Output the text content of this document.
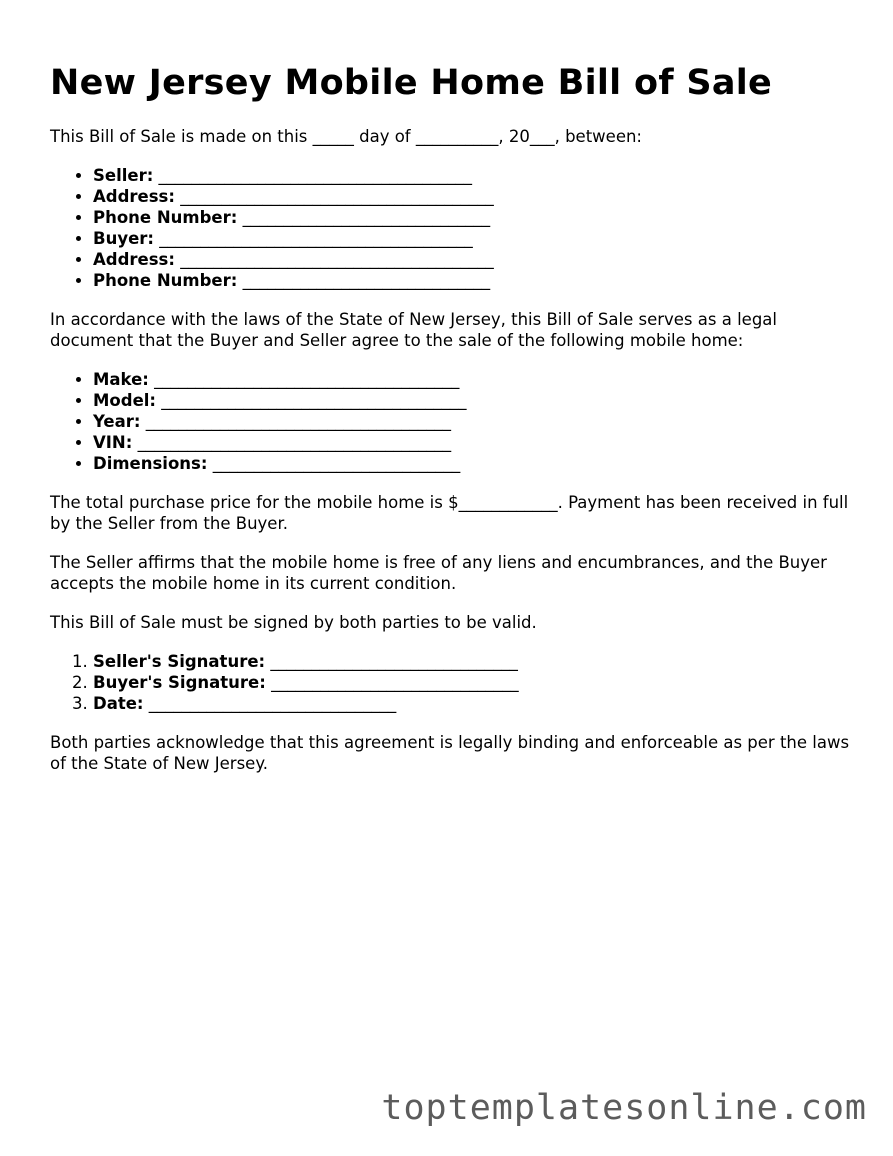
New Jersey Mobile Home Bill of Sale

This Bill of Sale is made on this _____ day of __________, 20___, between:

• Seller: ______________________________________
• Address: ______________________________________
• Phone Number: ______________________________
• Buyer: ______________________________________
• Address: ______________________________________
• Phone Number: ______________________________

In accordance with the laws of the State of New Jersey, this Bill of Sale serves as a legal document that the Buyer and Seller agree to the sale of the following mobile home:

• Make: _____________________________________
• Model: _____________________________________
• Year: _____________________________________
• VIN: ______________________________________
• Dimensions: ______________________________

The total purchase price for the mobile home is $____________. Payment has been received in full by the Seller from the Buyer.

The Seller affirms that the mobile home is free of any liens and encumbrances, and the Buyer accepts the mobile home in its current condition.

This Bill of Sale must be signed by both parties to be valid.

1. Seller's Signature: ______________________________
2. Buyer's Signature: ______________________________
3. Date: ______________________________

Both parties acknowledge that this agreement is legally binding and enforceable as per the laws of the State of New Jersey.

toptemplatesonline.com
